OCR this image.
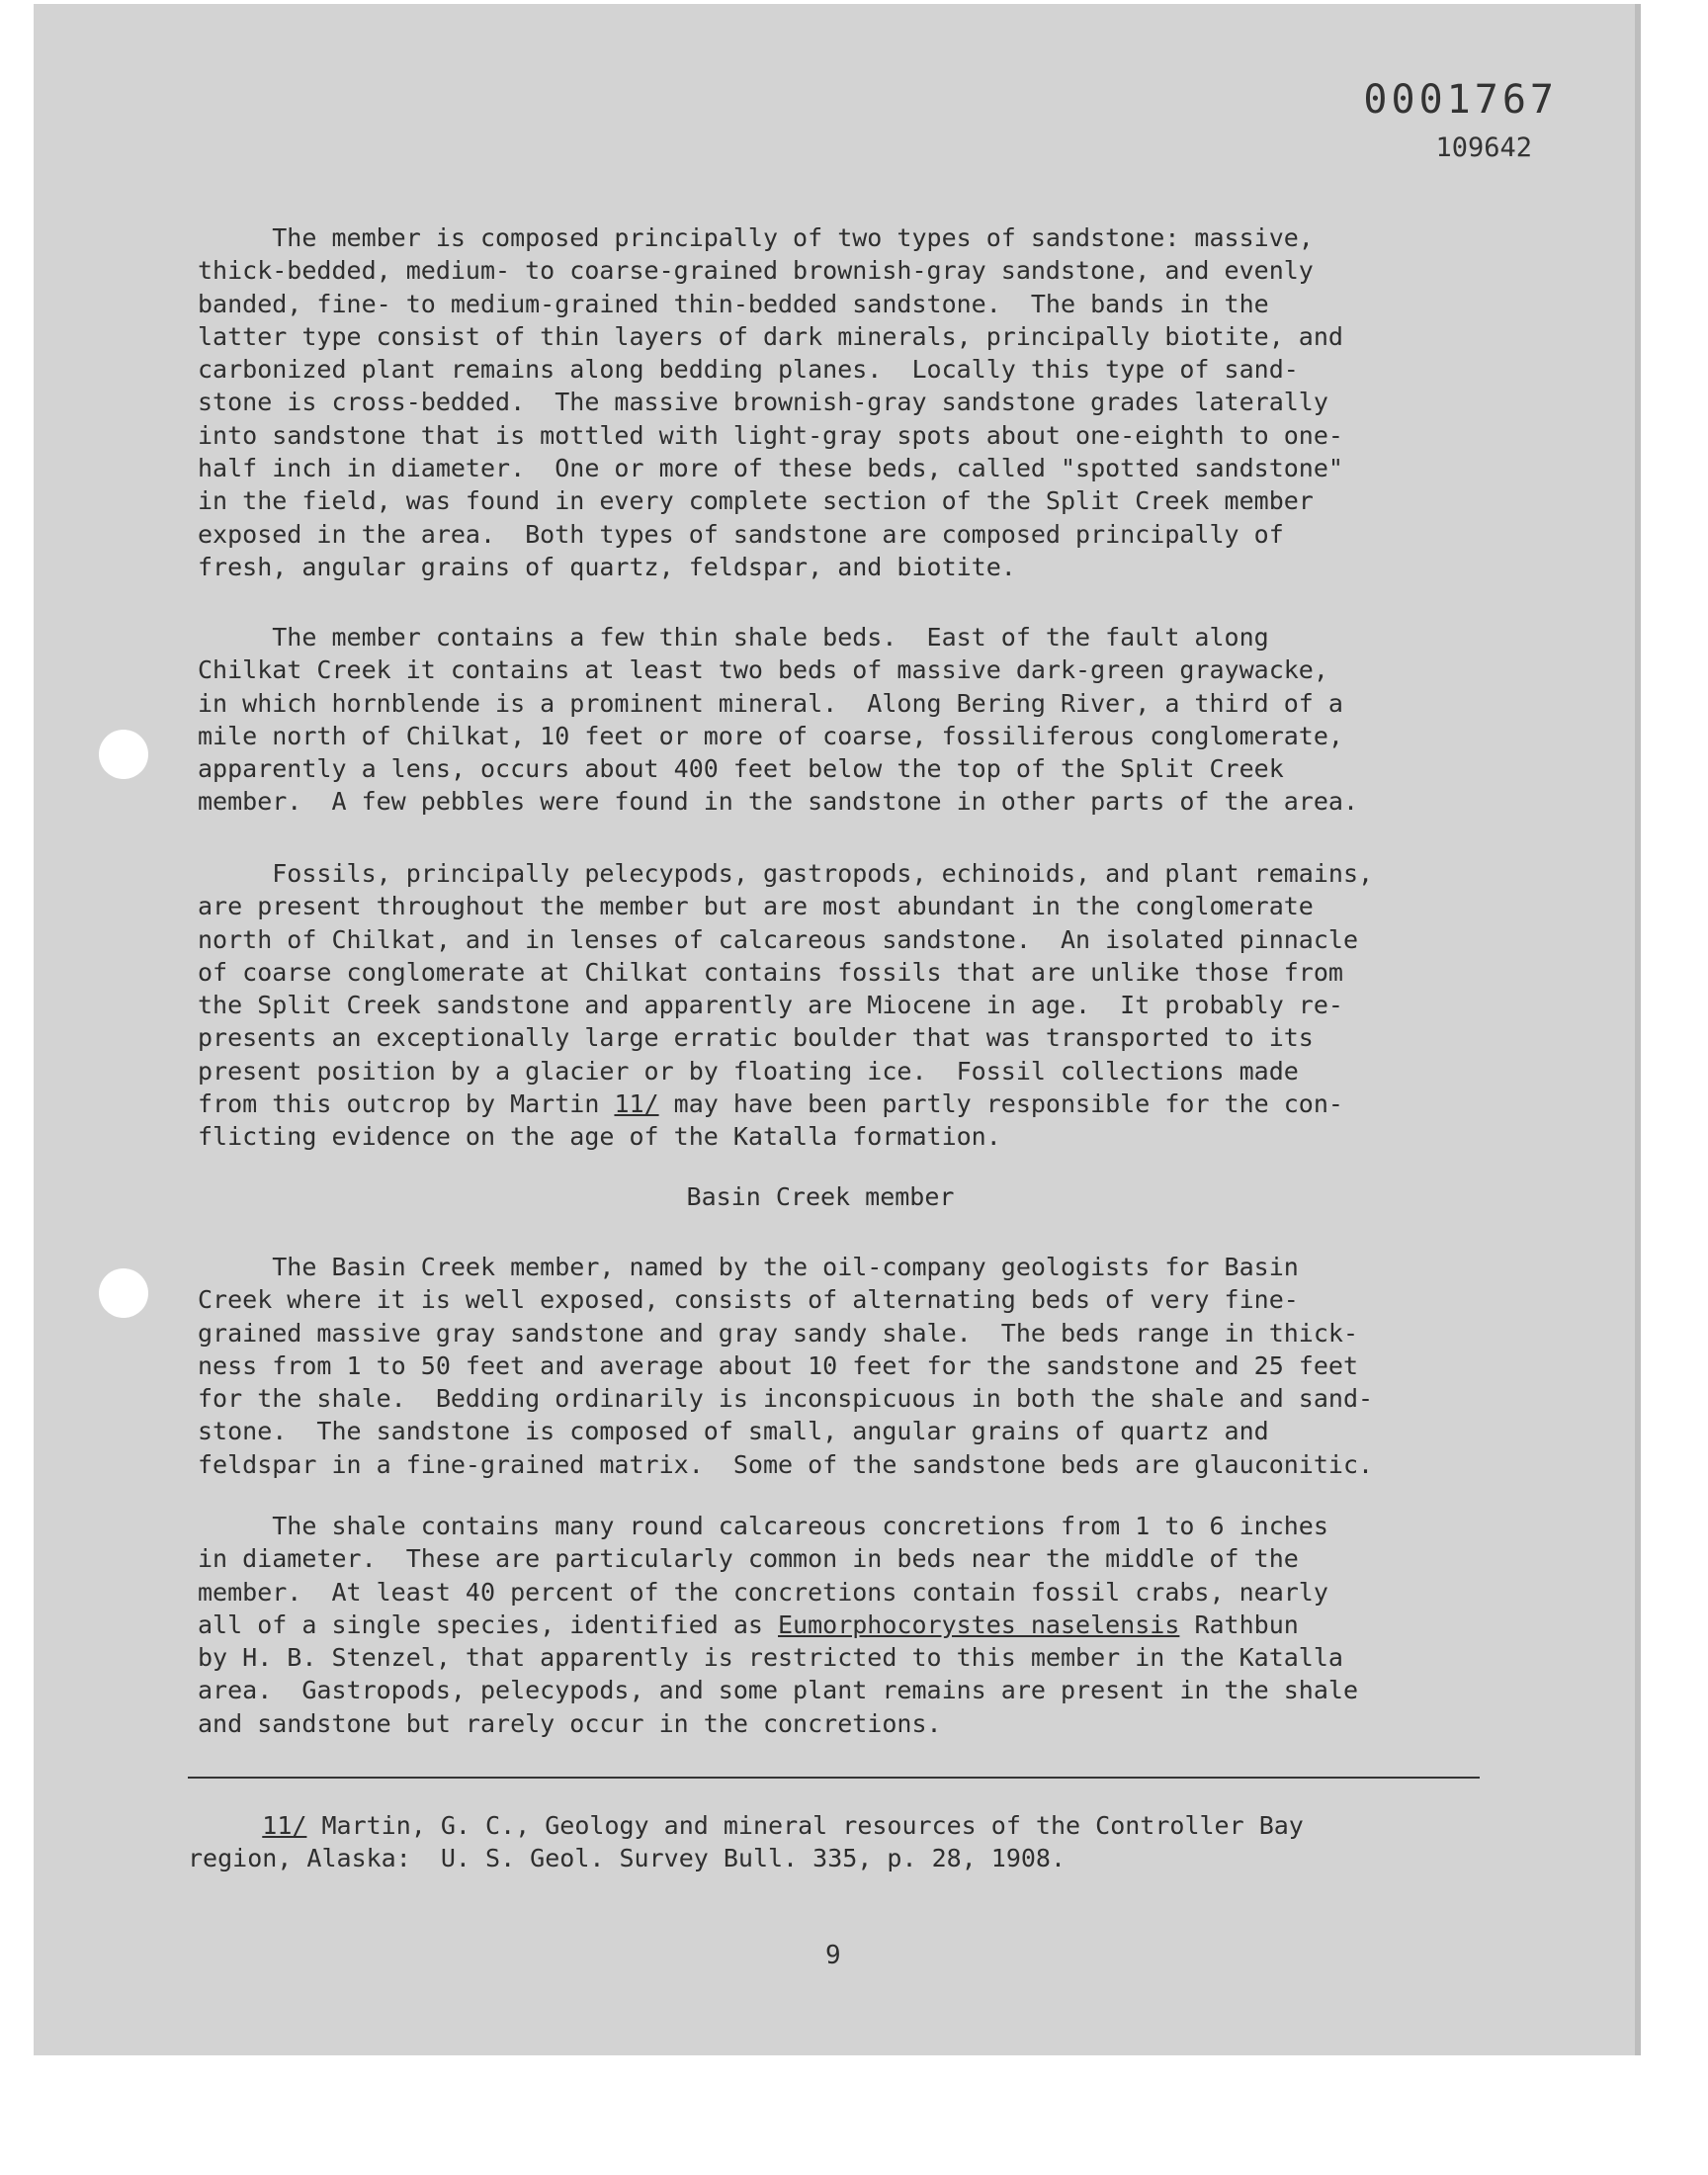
0001767
109642
The member is composed principally of two types of sandstone: massive,
thick-bedded, medium- to coarse-grained brownish-gray sandstone, and evenly
banded, fine- to medium-grained thin-bedded sandstone.  The bands in the
latter type consist of thin layers of dark minerals, principally biotite, and
carbonized plant remains along bedding planes.  Locally this type of sand-
stone is cross-bedded.  The massive brownish-gray sandstone grades laterally
into sandstone that is mottled with light-gray spots about one-eighth to one-
half inch in diameter.  One or more of these beds, called "spotted sandstone"
in the field, was found in every complete section of the Split Creek member
exposed in the area.  Both types of sandstone are composed principally of
fresh, angular grains of quartz, feldspar, and biotite.
The member contains a few thin shale beds.  East of the fault along
Chilkat Creek it contains at least two beds of massive dark-green graywacke,
in which hornblende is a prominent mineral.  Along Bering River, a third of a
mile north of Chilkat, 10 feet or more of coarse, fossiliferous conglomerate,
apparently a lens, occurs about 400 feet below the top of the Split Creek
member.  A few pebbles were found in the sandstone in other parts of the area.
Fossils, principally pelecypods, gastropods, echinoids, and plant remains,
are present throughout the member but are most abundant in the conglomerate
north of Chilkat, and in lenses of calcareous sandstone.  An isolated pinnacle
of coarse conglomerate at Chilkat contains fossils that are unlike those from
the Split Creek sandstone and apparently are Miocene in age.  It probably re-
presents an exceptionally large erratic boulder that was transported to its
present position by a glacier or by floating ice.  Fossil collections made
from this outcrop by Martin 11/ may have been partly responsible for the con-
flicting evidence on the age of the Katalla formation.
Basin Creek member
The Basin Creek member, named by the oil-company geologists for Basin
Creek where it is well exposed, consists of alternating beds of very fine-
grained massive gray sandstone and gray sandy shale.  The beds range in thick-
ness from 1 to 50 feet and average about 10 feet for the sandstone and 25 feet
for the shale.  Bedding ordinarily is inconspicuous in both the shale and sand-
stone.  The sandstone is composed of small, angular grains of quartz and
feldspar in a fine-grained matrix.  Some of the sandstone beds are glauconitic.
The shale contains many round calcareous concretions from 1 to 6 inches
in diameter.  These are particularly common in beds near the middle of the
member.  At least 40 percent of the concretions contain fossil crabs, nearly
all of a single species, identified as Eumorphocorystes naselensis Rathbun
by H. B. Stenzel, that apparently is restricted to this member in the Katalla
area.  Gastropods, pelecypods, and some plant remains are present in the shale
and sandstone but rarely occur in the concretions.
11/ Martin, G. C., Geology and mineral resources of the Controller Bay
region, Alaska:  U. S. Geol. Survey Bull. 335, p. 28, 1908.
9
